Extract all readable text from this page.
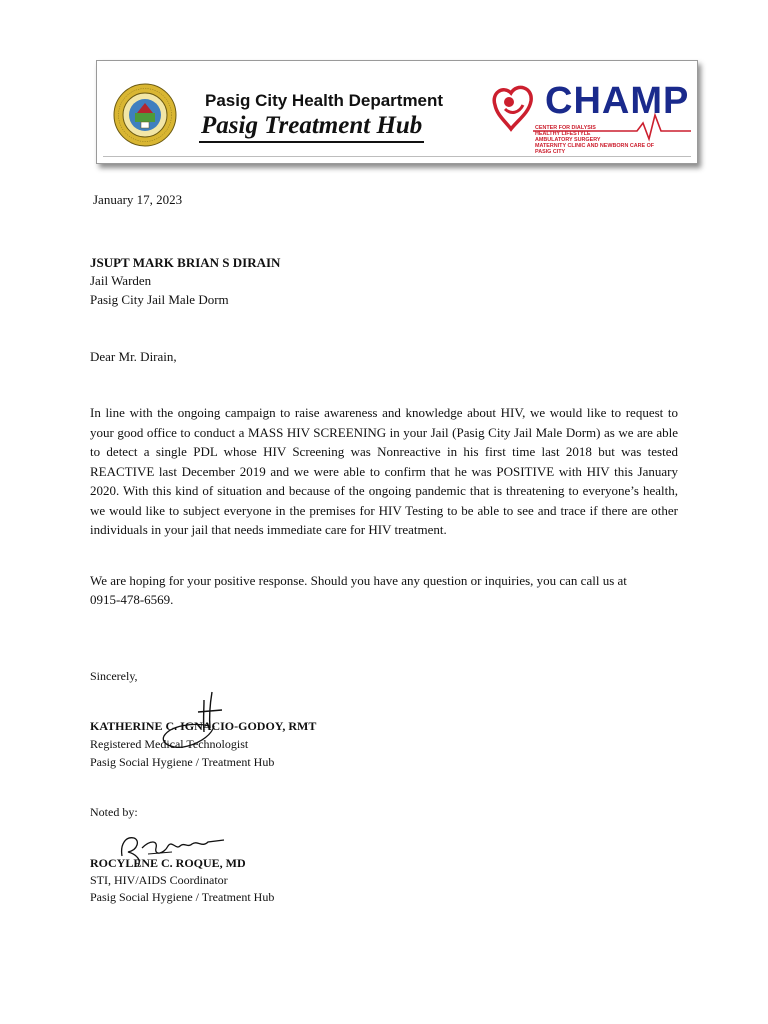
Pasig City Health Department
Pasig Treatment Hub
CHAMP
CENTER FOR DIALYSIS
HEALTHY LIFESTYLE
AMBULATORY SURGERY
MATERNITY CLINIC AND NEWBORN CARE OF
PASIG CITY
January 17, 2023
JSUPT MARK BRIAN S DIRAIN
Jail Warden
Pasig City Jail Male Dorm
Dear Mr. Dirain,
In line with the ongoing campaign to raise awareness and knowledge about HIV, we would like to request to your good office to conduct a MASS HIV SCREENING in your Jail (Pasig City Jail Male Dorm) as we are able to detect a single PDL whose HIV Screening was Nonreactive in his first time last 2018 but was tested REACTIVE last December 2019 and we were able to confirm that he was POSITIVE with HIV this January 2020. With this kind of situation and because of the ongoing pandemic that is threatening to everyone’s health, we would like to subject everyone in the premises for HIV Testing to be able to see and trace if there are other individuals in your jail that needs immediate care for HIV treatment.
We are hoping for your positive response. Should you have any question or inquiries, you can call us at
0915-478-6569.
Sincerely,
KATHERINE C. IGNACIO-GODOY, RMT
Registered Medical Technologist
Pasig Social Hygiene / Treatment Hub
Noted by:
ROCYLENE C. ROQUE, MD
STI, HIV/AIDS Coordinator
Pasig Social Hygiene / Treatment Hub
